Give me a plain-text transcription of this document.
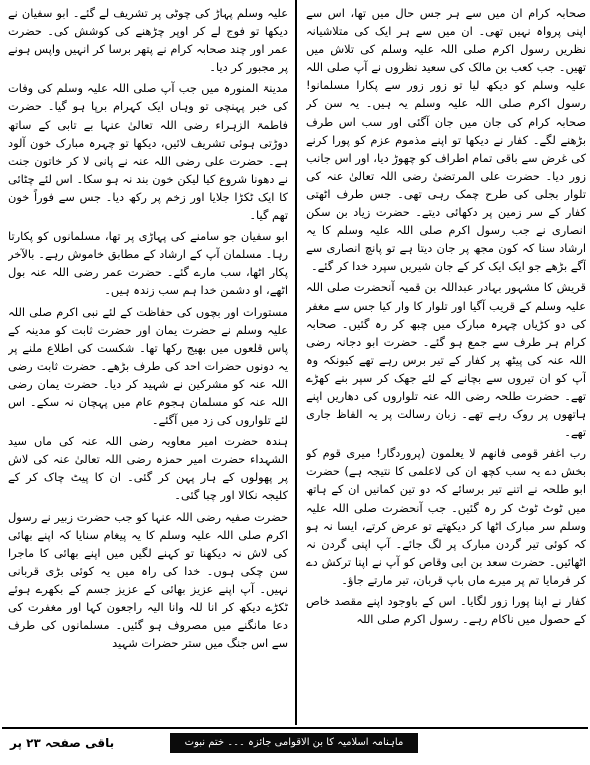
صحابہ کرام ان میں سے ہر جس حال میں تھا، اس سے اپنی پرواہ نہیں تھی۔ ان میں سے ہر ایک کی متلاشیانہ نظریں رسول اکرم صلی اللہ علیہ وسلم کی تلاش میں تھیں۔ جب کعب بن مالک کی سعید نظروں نے آپ صلی اللہ علیہ وسلم کو دیکھ لیا تو زور زور سے پکارا مسلمانو! رسول اکرم صلی اللہ علیہ وسلم یہ ہیں۔ یہ سن کر صحابہ کرام کی جان میں جان آگئی اور سب اس طرف بڑھنے لگے۔ کفار نے دیکھا تو اپنے مذموم عزم کو پورا کرنے کی غرض سے باقی تمام اطراف کو چھوڑ دیا، اور اس جانب زور دیا۔ حضرت علی المرتضیٰ رضی اللہ تعالیٰ عنہ کی تلوار بجلی کی طرح چمک رہی تھی۔ جس طرف اٹھتی کفار کے سر زمین پر دکھائی دیتے۔ حضرت زیاد بن سکن انصاری نے جب رسول اکرم صلی اللہ علیہ وسلم کا یہ ارشاد سنا کہ کون مجھ پر جان دیتا ہے تو پانچ انصاری سے آگے بڑھے جو ایک ایک کر کے جان شیریں سپرد خدا کر گئے۔

قریش کا مشہور بہادر عبداللہ بن قمیہ آنحضرت صلی اللہ علیہ وسلم کے قریب آگیا اور تلوار کا وار کیا جس سے مغفر کی دو کڑیاں چہرہ مبارک میں چبھ کر رہ گئیں۔ صحابہ کرام ہر طرف سے جمع ہو گئے۔ حضرت ابو دجانہ رضی اللہ عنہ کی پیٹھ پر کفار کے تیر برس رہے تھے کیونکہ وہ آپ کو ان تیروں سے بچانے کے لئے جھک کر سپر بنے کھڑے تھے۔ حضرت طلحہ رضی اللہ عنہ تلواروں کی دھاریں اپنے ہاتھوں پر روک رہے تھے۔ زبان رسالت پر یہ الفاظ جاری تھے۔

رب اغفر قومی فانهم لا یعلمون (پروردگار! میری قوم کو بخش دے یہ سب کچھ ان کی لاعلمی کا نتیجہ ہے) حضرت ابو طلحہ نے اتنے تیر برسائے کہ دو تین کمانیں ان کے ہاتھ میں ٹوٹ ٹوٹ کر رہ گئیں۔ جب آنحضرت صلی اللہ علیہ وسلم سر مبارک اٹھا کر دیکھتے تو عرض کرتے، ایسا نہ ہو کہ کوئی تیر گردن مبارک پر لگ جائے۔ آپ اپنی گردن نہ اٹھائیں۔ حضرت سعد بن ابی وقاص کو آپ نے اپنا ترکش دے کر فرمایا تم پر میرے ماں باپ قربان، تیر مارتے جاؤ۔

کفار نے اپنا پورا زور لگایا۔ اس کے باوجود اپنے مقصد خاص کے حصول میں ناکام رہے۔ رسول اکرم صلی اللہ

علیہ وسلم پہاڑ کی چوٹی پر تشریف لے گئے۔ ابو سفیان نے دیکھا تو فوج لے کر اوپر چڑھنے کی کوشش کی۔ حضرت عمر اور چند صحابہ کرام نے پتھر برسا کر انہیں واپس ہونے پر مجبور کر دیا۔

مدینۃ المنورہ میں جب آپ صلی اللہ علیہ وسلم کی وفات کی خبر پہنچی تو وہاں ایک کہرام برپا ہو گیا۔ حضرت فاطمۃ الزہراء رضی اللہ تعالیٰ عنہا بے تابی کے ساتھ دوڑتی ہوئی تشریف لائیں، دیکھا تو چہرہ مبارک خون آلود ہے۔ حضرت علی رضی اللہ عنہ نے پانی لا کر خاتون جنت نے دھونا شروع کیا لیکن خون بند نہ ہو سکا۔ اس لئے چٹائی کا ایک ٹکڑا جلایا اور زخم پر رکھ دیا۔ جس سے فوراً خون تھم گیا۔

ابو سفیان جو سامنے کی پہاڑی پر تھا، مسلمانوں کو پکارتا رہا۔ مسلمان آپ کے ارشاد کے مطابق خاموش رہے۔ بالآخر پکار اٹھا، سب مارے گئے۔ حضرت عمر رضی اللہ عنہ بول اٹھے، او دشمن خدا ہم سب زندہ ہیں۔

مستورات اور بچوں کی حفاظت کے لئے نبی اکرم صلی اللہ علیہ وسلم نے حضرت یمان اور حضرت ثابت کو مدینہ کے پاس قلعوں میں بھیج رکھا تھا۔ شکست کی اطلاع ملنے پر یہ دونوں حضرات احد کی طرف بڑھے۔ حضرت ثابت رضی اللہ عنہ کو مشرکین نے شہید کر دیا۔ حضرت یمان رضی اللہ عنہ کو مسلمان ہجوم عام میں پہچان نہ سکے۔ اس لئے تلواروں کی زد میں آگئے۔

ہندہ حضرت امیر معاویہ رضی اللہ عنہ کی ماں سید الشہداء حضرت امیر حمزہ رضی اللہ تعالیٰ عنہ کی لاش پر پھولوں کے ہار پہن کر گئی۔ ان کا پیٹ چاک کر کے کلیجہ نکالا اور چبا گئی۔

حضرت صفیہ رضی اللہ عنہا کو جب حضرت زبیر نے رسول اکرم صلی اللہ علیہ وسلم کا یہ پیغام سنایا کہ اپنے بھائی کی لاش نہ دیکھنا تو کہنے لگیں میں اپنے بھائی کا ماجرا سن چکی ہوں۔ خدا کی راہ میں یہ کوئی بڑی قربانی نہیں۔ آپ اپنے عزیز بھائی کے عزیز جسم کے بکھرے ہوئے ٹکڑے دیکھ کر انا للہ وانا الیہ راجعون کہا اور مغفرت کی دعا مانگنے میں مصروف ہو گئیں۔ مسلمانوں کی طرف سے اس جنگ میں ستر حضرات شہید

ماہنامہ اسلامیہ کا بن الاقوامی جائزہ ۔۔۔ ختم نبوت
باقی صفحہ ۲۳ پر
